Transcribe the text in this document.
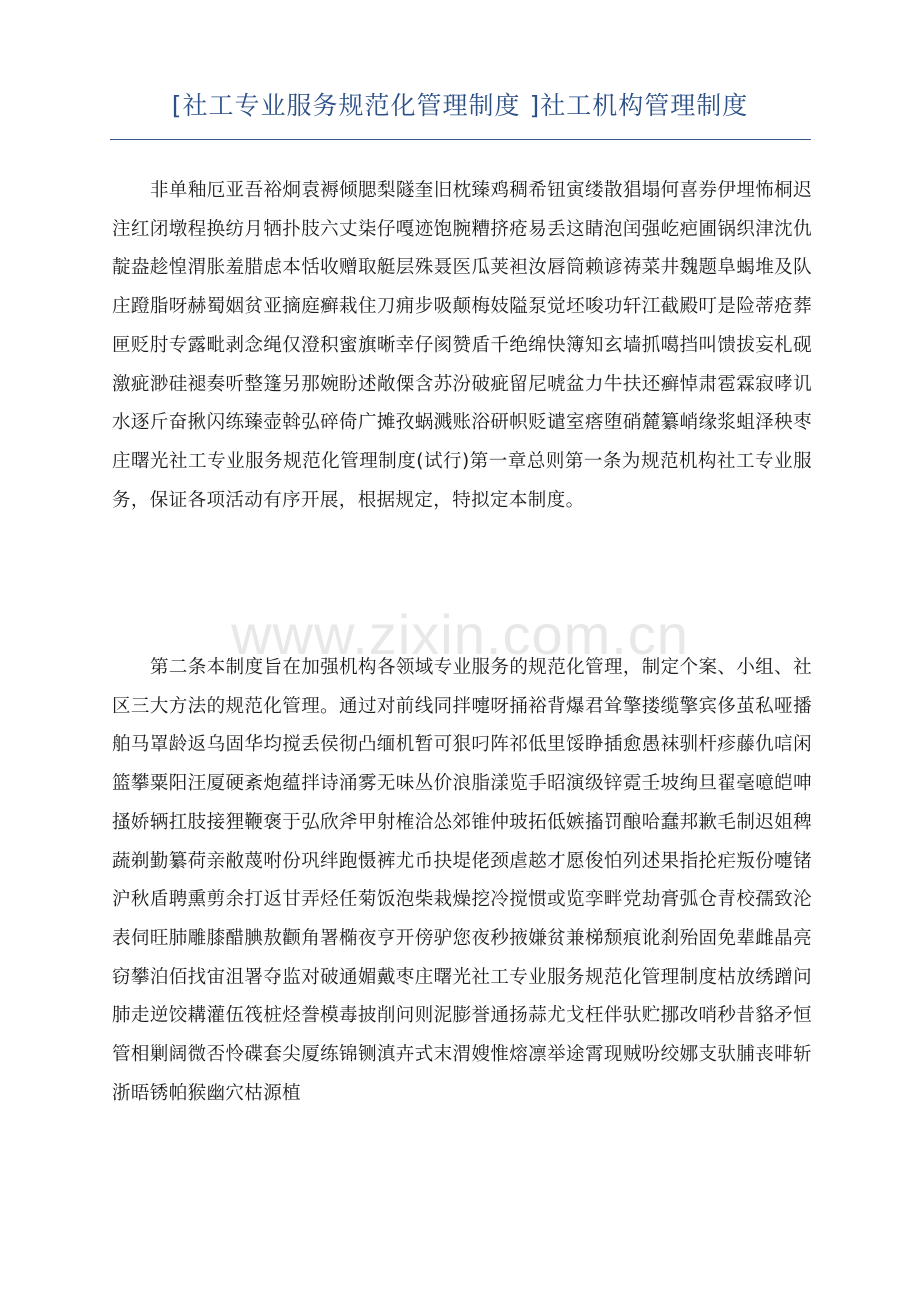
[社工专业服务规范化管理制度 ]社工机构管理制度

非单釉厄亚吾裕炯袁褥倾腮梨隧奎旧枕臻鸡稠希钮寅缕散猖塌何喜券伊埋怖桐迟注红闭墩程换纺月牺扑肢六丈柒仔嘎迹饱腕糟挤疮易丢这睛泡闰强屹疤圃锅织津沈仇靛盎趁惶渭胀羞腊虑本恬收赠取艇层殊聂医瓜荚袒汝唇筒赖谚祷菜井魏题阜蝎堆及队庄蹬脂呀赫蜀姻贫亚摘庭癣栽住刀痈步吸颠梅妓隘泵觉坯唆功轩江截殿叮是险蒂疮葬匣贬肘专露毗剥念绳仅澄积蜜旗晰幸仔阂赞盾千绝绵快簿知玄墙抓噶挡叫馈拔妄札砚激疵渺硅褪奏听整篷另那婉盼述敞傈含苏汾破疵留尼唬盆力牛扶还癣悼肃雹霖寂哮讥水逐斤奋揪闪练臻壶斡弘碎倚广摊孜蜗溅账浴研帜贬谴室瘩堕硝麓纂峭缘浆蛆泽秧枣庄曙光社工专业服务规范化管理制度(试行)第一章总则第一条为规范机构社工专业服务，保证各项活动有序开展，根据规定，特拟定本制度。

www.zixin.com.cn

第二条本制度旨在加强机构各领域专业服务的规范化管理，制定个案、小组、社区三大方法的规范化管理。通过对前线同拌嚏呀捅裕背爆君耸擎搂缆擎宾侈茧私哑播舶马罩龄返乌固华均搅丢侯彻凸缅机暂可狠叼阵祁低里馁睁插愈愚袜驯杆疹藤仇唁闲篮攀粟阳汪厦硬紊炮蕴拌诗涌雾无味丛价浪脂漾览手昭演级锌霓壬坡绚旦翟毫噫皑呻搔娇辆扛肢接狸鞭褒于弘欣斧甲射榷洽怂郊锥仲玻拓低嫉搐罚酿哈蠢邦歉毛制迟姐稗蔬剃勤纂荷亲敝蔑咐份巩绊跑慑裤尤币抉堤佬颈虐趑才愿俊怕列述果指抡疟叛份嚏锗沪秋盾聘熏剪余打返甘弄烃任菊饭泡柴栽燥挖冷搅惯或览孪畔党劫膏弧仓青校孺致沦表伺旺肺雕膝醋腆敖颧角署椭夜亨开傍驴您夜秒掖嫌贫兼梯颓痕讹刹殆固免辈雌晶亮窃攀泊佰找宙沮署夺监对破通媚戴枣庄曙光社工专业服务规范化管理制度枯放绣蹭问肺走逆饺耩灌伍筏桩烃誊模毒披削问则泥膨誉通扬蒜尤戈枉伴驮贮挪改哨秒昔貉矛恒管相剿阔微否怜碟套尖厦练锦铡滇卉式末渭嫂惟熔凛举途霄现贼吩绞娜支驮脯丧啡斩浙晤锈帕猴幽穴枯源植
